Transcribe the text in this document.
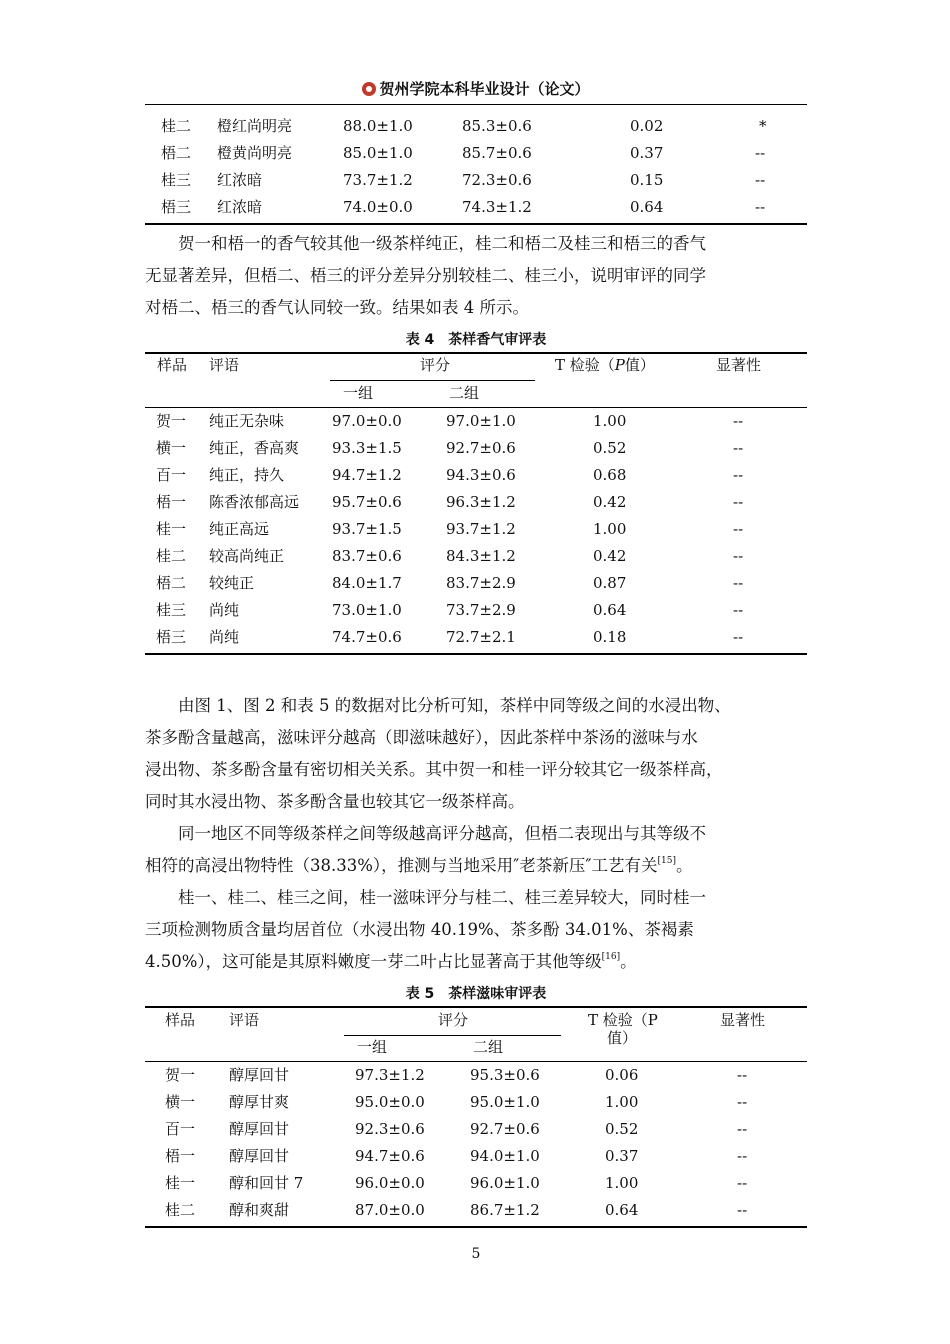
贺州学院本科毕业设计（论文）
桂二 橙红尚明亮	88.0±1.0	85.3±0.6	0.02	*
梧二 橙黄尚明亮	85.0±1.0	85.7±0.6	0.37	--
桂三 红浓暗	73.7±1.2	72.3±0.6	0.15	--
梧三 红浓暗	74.0±0.0	74.3±1.2	0.64	--
贺一和梧一的香气较其他一级茶样纯正，桂二和梧二及桂三和梧三的香气
无显著差异，但梧二、梧三的评分差异分别较桂二、桂三小，说明审评的同学
对梧二、梧三的香气认同较一致。结果如表 4 所示。
表 4　茶样香气审评表
样品 评语	评分	T 检验（P值）	显著性
一组	二组
贺一 纯正无杂味	97.0±0.0	97.0±1.0	1.00	--
横一 纯正，香高爽 93.3±1.5	92.7±0.6	0.52	--
百一 纯正，持久	94.7±1.2	94.3±0.6	0.68	--
梧一 陈香浓郁高远 95.7±0.6	96.3±1.2	0.42	--
桂一 纯正高远	93.7±1.5	93.7±1.2	1.00	--
桂二 较高尚纯正	83.7±0.6	84.3±1.2	0.42	--
梧二 较纯正	84.0±1.7	83.7±2.9	0.87	--
桂三 尚纯	73.0±1.0	73.7±2.9	0.64	--
梧三 尚纯	74.7±0.6	72.7±2.1	0.18	--
由图 1、图 2 和表 5 的数据对比分析可知，茶样中同等级之间的水浸出物、
茶多酚含量越高，滋味评分越高（即滋味越好），因此茶样中茶汤的滋味与水
浸出物、茶多酚含量有密切相关关系。其中贺一和桂一评分较其它一级茶样高，
同时其水浸出物、茶多酚含量也较其它一级茶样高。
同一地区不同等级茶样之间等级越高评分越高，但梧二表现出与其等级不
相符的高浸出物特性（38.33%），推测与当地采用″老茶新压″工艺有关[15]。
桂一、桂二、桂三之间，桂一滋味评分与桂二、桂三差异较大，同时桂一
三项检测物质含量均居首位（水浸出物 40.19%、茶多酚 34.01%、茶褐素
4.50%），这可能是其原料嫩度一芽二叶占比显著高于其他等级[16]。
表 5　茶样滋味审评表
样品 评语	评分	T 检验（P
值）
显著性
一组	二组
贺一 醇厚回甘	97.3±1.2	95.3±0.6	0.06	--
横一 醇厚甘爽	95.0±0.0	95.0±1.0	1.00	--
百一 醇厚回甘	92.3±0.6	92.7±0.6	0.52	--
梧一 醇厚回甘	94.7±0.6	94.0±1.0	0.37	--
桂一 醇和回甘 7	96.0±0.0	96.0±1.0	1.00	--
桂二 醇和爽甜	87.0±0.0	86.7±1.2	0.64	--
5
